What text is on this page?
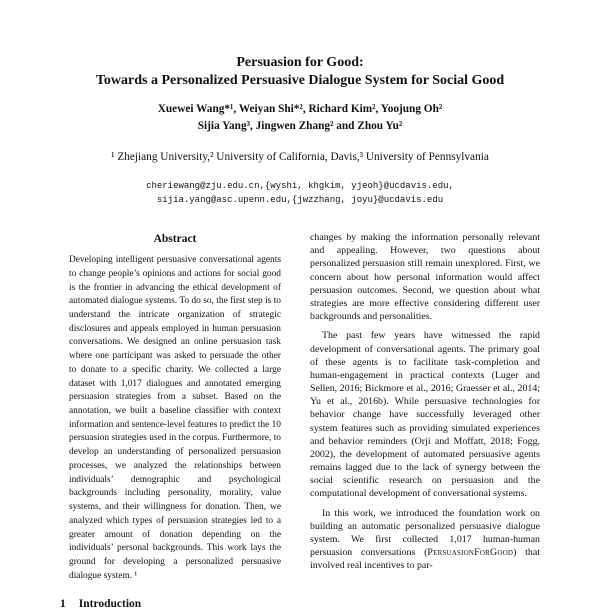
Persuasion for Good:
Towards a Personalized Persuasive Dialogue System for Social Good
Xuewei Wang*¹, Weiyan Shi*², Richard Kim², Yoojung Oh²
Sijia Yang³, Jingwen Zhang² and Zhou Yu²
¹ Zhejiang University,² University of California, Davis,³ University of Pennsylvania
cheriewang@zju.edu.cn,{wyshi, khgkim, yjeoh}@ucdavis.edu,
sijia.yang@asc.upenn.edu,{jwzzhang, joyu}@ucdavis.edu
Abstract

Developing intelligent persuasive conversational agents to change people’s opinions and actions for social good is the frontier in advancing the ethical development of automated dialogue systems. To do so, the first step is to understand the intricate organization of strategic disclosures and appeals employed in human persuasion conversations. We designed an online persuasion task where one participant was asked to persuade the other to donate to a specific charity. We collected a large dataset with 1,017 dialogues and annotated emerging persuasion strategies from a subset. Based on the annotation, we built a baseline classifier with context information and sentence-level features to predict the 10 persuasion strategies used in the corpus. Furthermore, to develop an understanding of personalized persuasion processes, we analyzed the relationships between individuals’ demographic and psychological backgrounds including personality, morality, value systems, and their willingness for donation. Then, we analyzed which types of persuasion strategies led to a greater amount of donation depending on the individuals’ personal backgrounds. This work lays the ground for developing a personalized persuasive dialogue system. ¹

1 Introduction

changes by making the information personally relevant and appealing. However, two questions about personalized persuasion still remain unexplored. First, we concern about how personal information would affect persuasion outcomes. Second, we question about what strategies are more effective considering different user backgrounds and personalities.

The past few years have witnessed the rapid development of conversational agents. The primary goal of these agents is to facilitate task-completion and human-engagement in practical contexts (Luger and Sellen, 2016; Bickmore et al., 2016; Graesser et al., 2014; Yu et al., 2016b). While persuasive technologies for behavior change have successfully leveraged other system features such as providing simulated experiences and behavior reminders (Orji and Moffatt, 2018; Fogg, 2002), the development of automated persuasive agents remains lagged due to the lack of synergy between the social scientific research on persuasion and the computational development of conversational systems.

In this work, we introduced the foundation work on building an automatic personalized persuasive dialogue system. We first collected 1,017 human-human persuasion conversations (PersuasionForGood) that involved real incentives to par-
